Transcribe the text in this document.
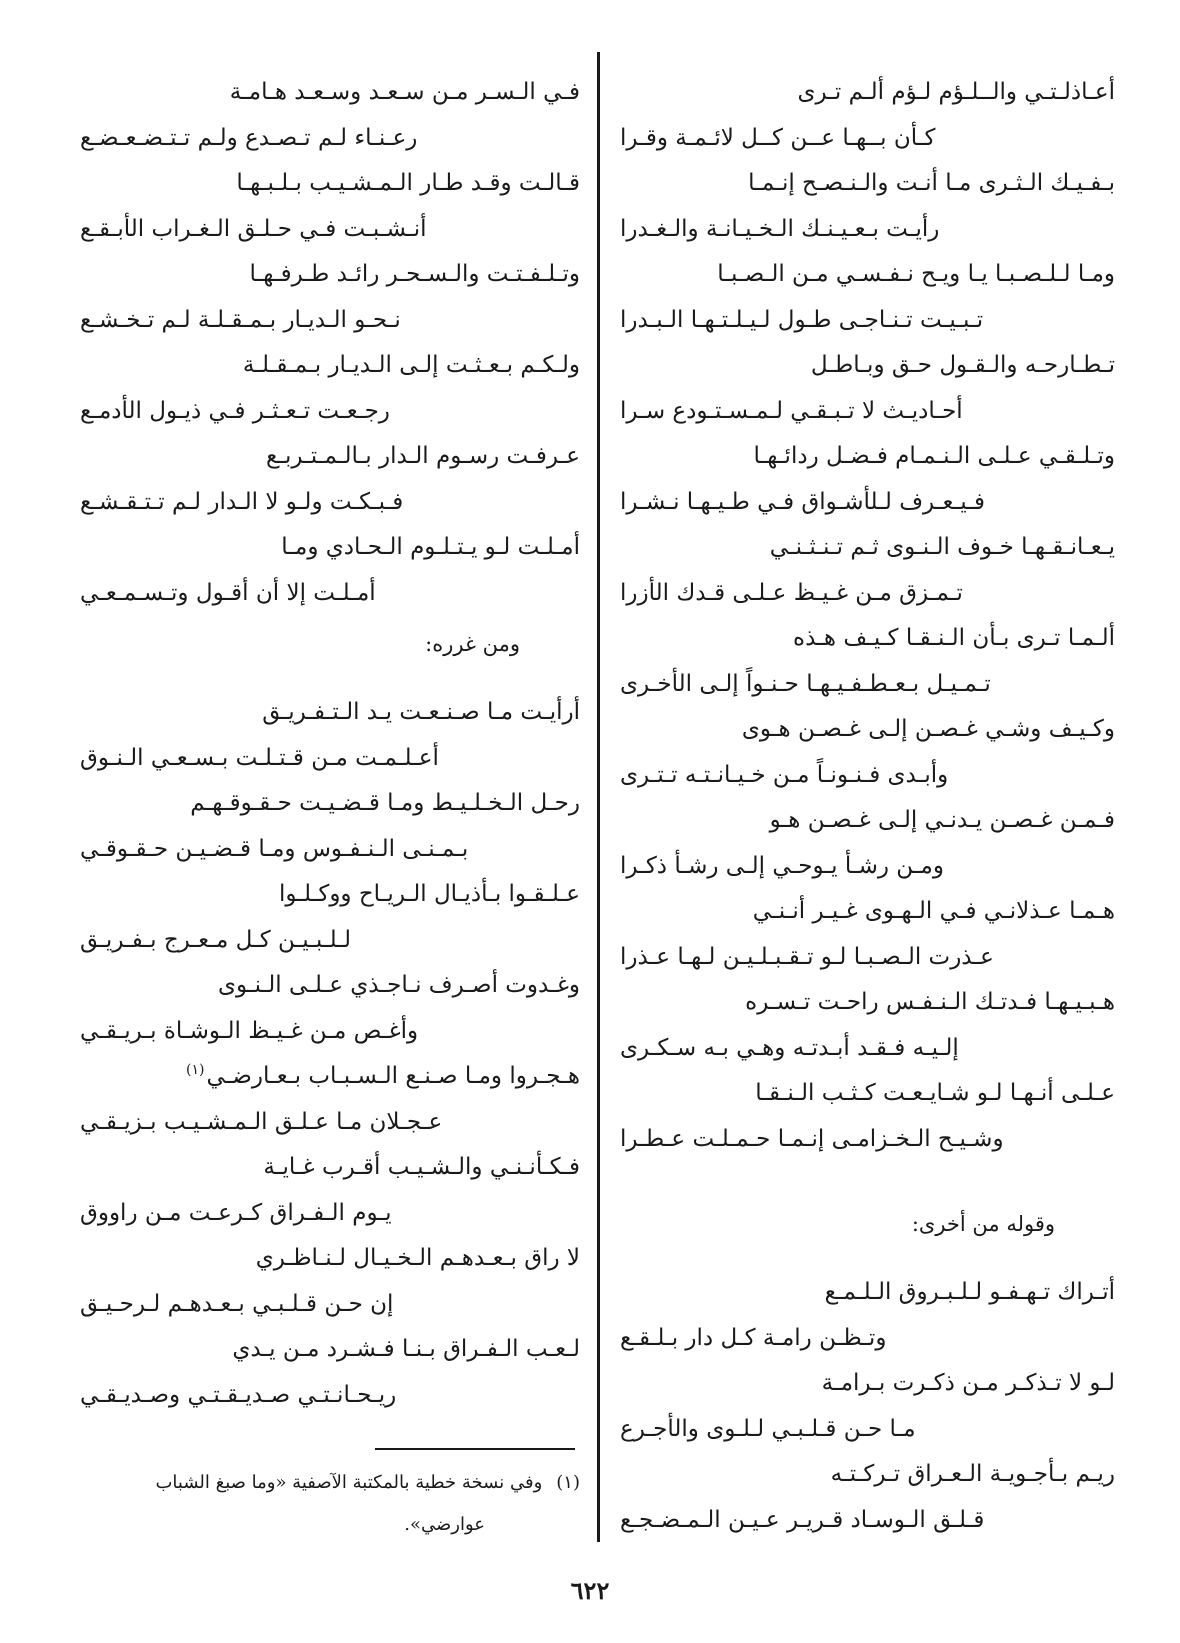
أعـاذلـتـي والــلـؤم لـؤم ألـم تـرى
كـأن بــهـا عــن كــل لائـمـة وقـرا
بـفـيـك الـثـرى مـا أنـت والـنـصـح إنـمـا
رأيـت بـعـيـنـك الـخـيـانـة والـغـدرا
ومـا لـلـصـبـا يـا ويـح نـفـسـي مـن الـصـبـا
تـبـيـت تـنـاجـى طـول لـيـلـتـهـا الـبـدرا
تـطـارحـه والـقـول حـق وبـاطـل
أحـاديـث لا تـبـقـي لـمـسـتـودع سـرا
وتـلـقـي عـلـى الـنـمـام فـضـل ردائـهـا
فـيـعـرف لـلأشـواق فـي طـيـهـا نـشـرا
يـعـانـقـهـا خـوف الـنـوى ثـم تـنـثـنـي
تـمـزق مـن غـيـظ عـلـى قـدك الأزرا
ألـمـا تـرى بـأن الـنـقـا كـيـف هـذه
تـمـيـل بـعـطـفـيـهـا حـنـواً إلـى الأخـرى
وكـيـف وشـي غـصـن إلـى غـصـن هـوى
وأبـدى فـنـونـاً مـن خـيـانـتـه تـتـرى
فـمـن غـصـن يـدنـي إلـى غـصـن هـو
ومـن رشـأ يـوحـي إلـى رشـأ ذكـرا
هـمـا عـذلانـي فـي الـهـوى غـيـر أنـنـي
عـذرت الـصـبـا لـو تـقـبـلـيـن لـهـا عـذرا
هـبـيـهـا فـدتـك الـنـفـس راحـت تـسـره
إلـيـه فـقـد أبـدتـه وهـي بـه سـكـرى
عـلـى أنـهـا لـو شـايـعـت كـثـب الـنـقـا
وشـيـح الـخـزامـى إنـمـا حـمـلـت عـطـرا
وقوله من أخرى:
أتـراك تـهـفـو لـلـبـروق الـلـمـع
وتـظـن رامـة كـل دار بـلـقـع
لـو لا تـذكـر مـن ذكـرت بـرامـة
مـا حـن قـلـبـي لـلـوى والأجـرع
ريـم بـأجـويـة الـعـراق تـركـتـه
قـلـق الـوسـاد قـريـر عـيـن الـمـضـجـع
فـي الـسـر مـن سـعـد وسـعـد هـامـة
رعـنـاء لـم تـصـدع ولـم تـتـضـعـضـع
قـالـت وقـد طـار الـمـشـيـب بـلـبـهـا
أنـشـبـت فـي حـلـق الـغـراب الأبـقـع
وتـلـفـتـت والـسـحـر رائـد طـرفـهـا
نـحـو الـديـار بـمـقـلـة لـم تـخـشـع
ولـكـم بـعـثـت إلـى الـديـار بـمـقـلـة
رجـعـت تـعـثـر فـي ذيـول الأدمـع
عـرفـت رسـوم الـدار بـالـمـتـربـع
فـبـكـت ولـو لا الـدار لـم تـتـقـشـع
أمـلـت لـو يـتـلـوم الـحـادي ومـا
أمـلـت إلا أن أقـول وتـسـمـعـي
ومن غرره:
أرأيـت مـا صـنـعـت يـد الـتـفـريـق
أعـلـمـت مـن قـتـلـت بـسـعـي الـنـوق
رحـل الـخـلـيـط ومـا قـضـيـت حـقـوقـهـم
بـمـنـى الـنـفـوس ومـا قـضـيـن حـقـوقـي
عـلـقـوا بـأذيـال الـريـاح ووكـلـوا
لـلـبـيـن كـل مـعـرج بـفـريـق
وغـدوت أصـرف نـاجـذي عـلـى الـنـوى
وأغـص مـن غـيـظ الـوشـاة بـريـقـي
هـجـروا ومـا صـنـع الـسـبـاب بـعـارضـي$^{(١)}$
عـجـلان مـا عـلـق الـمـشـيـب بـزيـقـي
فـكـأنـنـي والـشـيـب أقـرب غـايـة
يـوم الـفـراق كـرعـت مـن راووق
لا راق بـعـدهـم الـخـيـال لـنـاظـري
إن حـن قـلـبـي بـعـدهـم لـرحـيـق
لـعـب الـفـراق بـنـا فـشـرد مـن يـدي
ريـحـانـتـي صـديـقـتـي وصـديـقـي
(١)وفي نسخة خطية بالمكتبة الآصفية «وما صبغ الشباب
عوارضي».
٦٢٢
